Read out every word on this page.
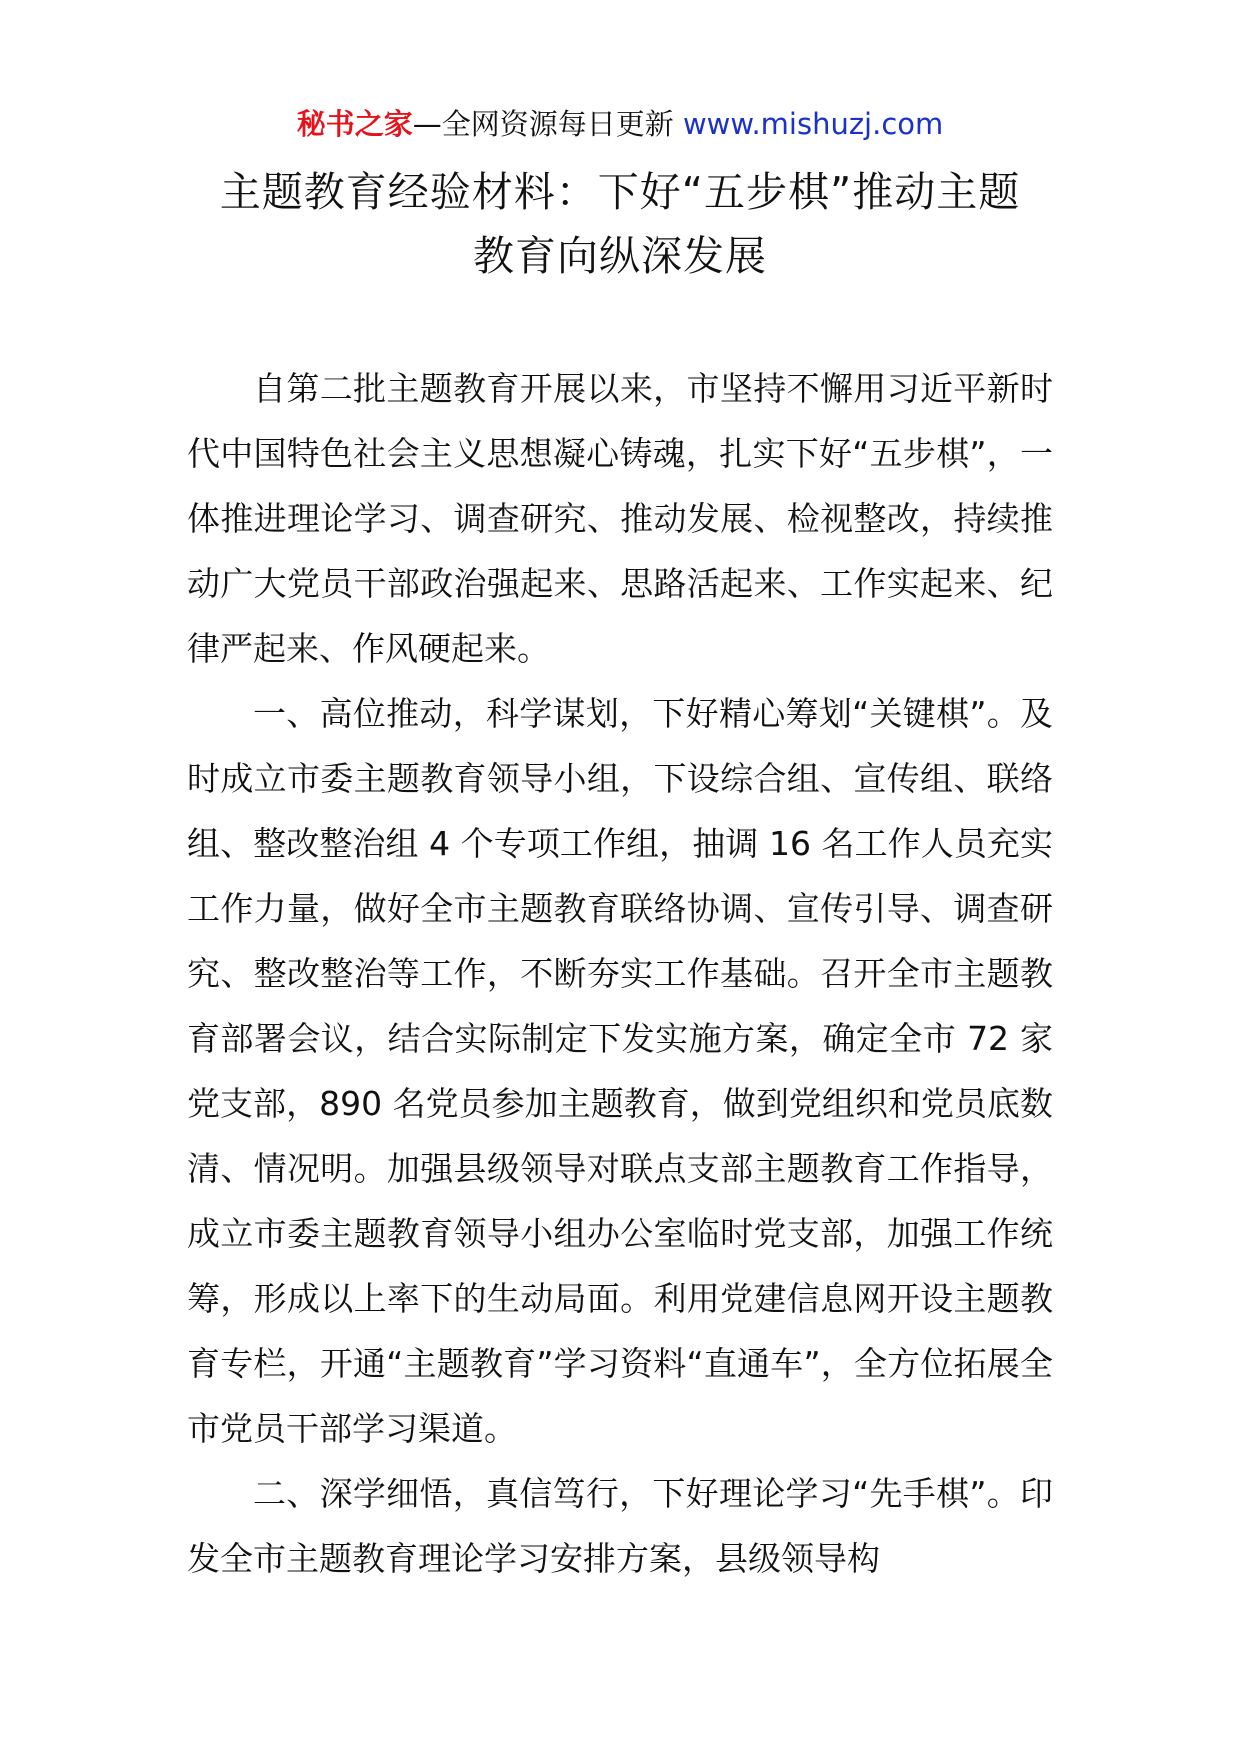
秘书之家—全网资源每日更新 www.mishuzj.com
主题教育经验材料：下好“五步棋”推动主题
教育向纵深发展

自第二批主题教育开展以来，市坚持不懈用习近平新时代中国特色社会主义思想凝心铸魂，扎实下好“五步棋”，一体推进理论学习、调查研究、推动发展、检视整改，持续推动广大党员干部政治强起来、思路活起来、工作实起来、纪律严起来、作风硬起来。

一、高位推动，科学谋划，下好精心筹划“关键棋”。及时成立市委主题教育领导小组，下设综合组、宣传组、联络组、整改整治组 4 个专项工作组，抽调 16 名工作人员充实工作力量，做好全市主题教育联络协调、宣传引导、调查研究、整改整治等工作，不断夯实工作基础。召开全市主题教育部署会议，结合实际制定下发实施方案，确定全市 72 家党支部，890 名党员参加主题教育，做到党组织和党员底数清、情况明。加强县级领导对联点支部主题教育工作指导，成立市委主题教育领导小组办公室临时党支部，加强工作统筹，形成以上率下的生动局面。利用党建信息网开设主题教育专栏，开通“主题教育”学习资料“直通车”，全方位拓展全市党员干部学习渠道。

二、深学细悟，真信笃行，下好理论学习“先手棋”。印发全市主题教育理论学习安排方案，县级领导构
